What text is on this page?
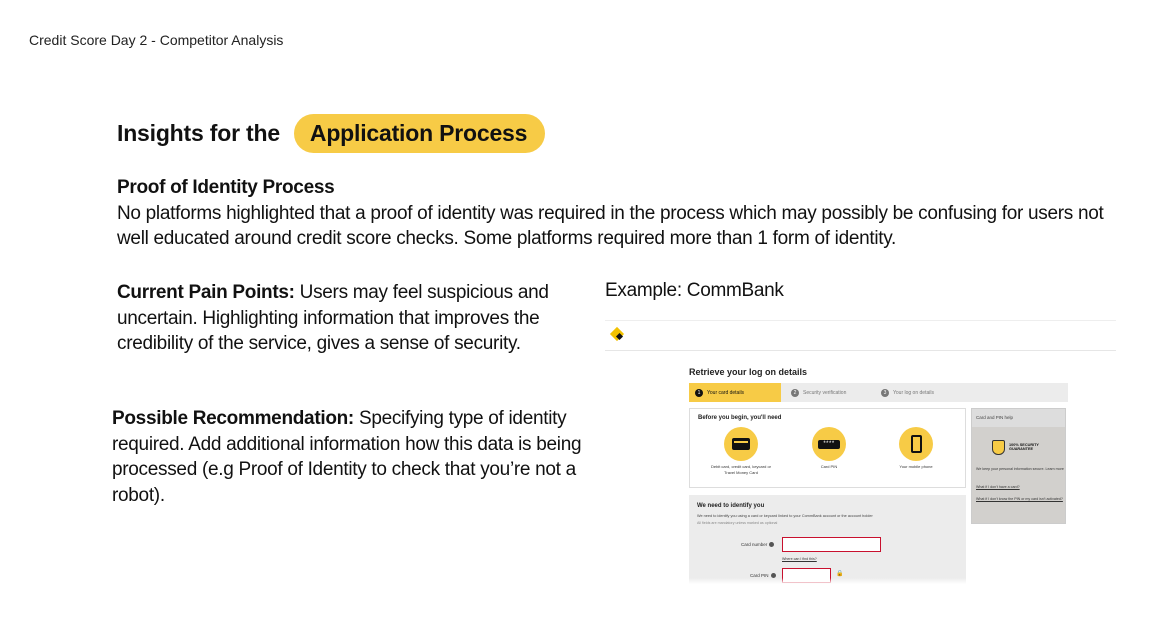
Credit Score Day 2 - Competitor Analysis
Insights for the	Application Process
Proof of Identity Process
No platforms highlighted that a proof of identity was required in the process which may possibly be confusing for users not well educated around credit score checks. Some platforms required more than 1 form of identity.
Current Pain Points: Users may feel suspicious and uncertain. Highlighting information that improves the credibility of the service, gives a sense of security.
Possible Recommendation: Specifying type of identity required. Add additional information how this data is being processed (e.g Proof of Identity to check that you’re not a robot).
Example: CommBank
Retrieve your log on details
1	Your card details	2	Security verification	3	Your log on details
Before you begin, you'll need
Debit card, credit card, keycard or Travel Money Card
****
Card PIN	Your mobile phone
Card and PIN help
100% SECURITY GUARANTEE
We keep your personal information secure. Learn more
What if I don't have a card?
What if I don't know the PIN or my card isn't activated?
We need to identify you
We need to identify you using a card or keycard linked to your CommBank account or the account holder
All fields are mandatory unless marked as optional
Card number
Where can I find this?
Card PIN	🔒
